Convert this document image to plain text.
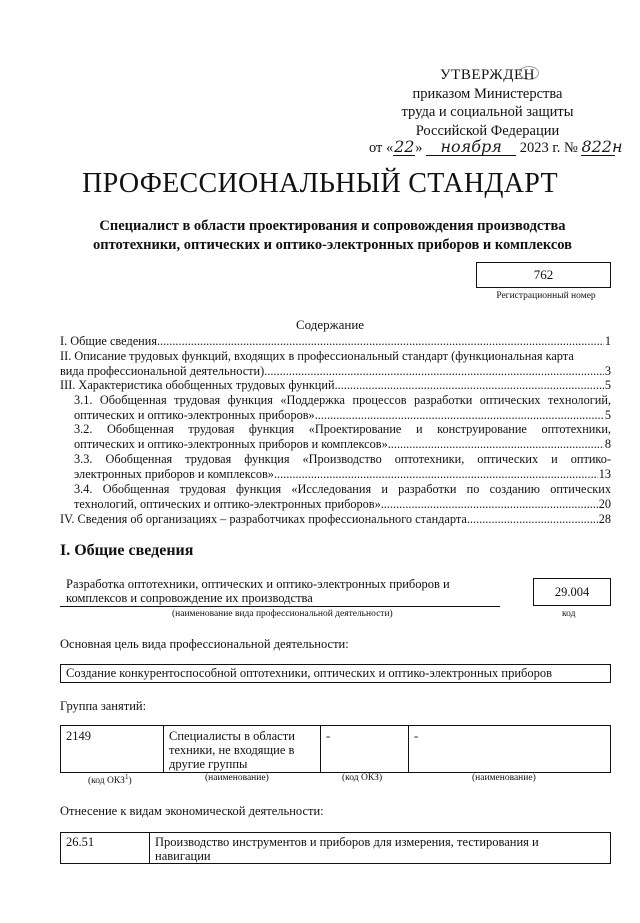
УТВЕРЖДЕН
приказом Министерства
труда и социальной защиты
Российской Федерации
от «22» ноября 2023 г. № 822н
ПРОФЕССИОНАЛЬНЫЙ СТАНДАРТ
Специалист в области проектирования и сопровождения производства
оптотехники, оптических и оптико-электронных приборов и комплексов
762
Регистрационный номер
Содержание
I. Общие сведения .....	1
II. Описание трудовых функций, входящих в профессиональный стандарт (функциональная карта
вида профессиональной деятельности) .....	3
III. Характеристика обобщенных трудовых функций .....	5
3.1. Обобщенная трудовая функция «Поддержка процессов разработки оптических технологий,
оптических и оптико-электронных приборов» .....	5
3.2. Обобщенная трудовая функция «Проектирование и конструирование оптотехники,
оптических и оптико-электронных приборов и комплексов» .....	8
3.3. Обобщенная трудовая функция «Производство оптотехники, оптических и оптико-
электронных приборов и комплексов» .....	13
3.4. Обобщенная трудовая функция «Исследования и разработки по созданию оптических
технологий, оптических и оптико-электронных приборов» .....	20
IV. Сведения об организациях – разработчиках профессионального стандарта .....	28
I. Общие сведения
Разработка оптотехники, оптических и оптико-электронных приборов и
комплексов и сопровождение их производства
(наименование вида профессиональной деятельности)
29.004
код
Основная цель вида профессиональной деятельности:
Создание конкурентоспособной оптотехники, оптических и оптико-электронных приборов
Группа занятий:
2149	Специалисты в области
техники, не входящие в
другие группы
-	-
(код ОКЗ$^1$)	(наименование)	(код ОКЗ)	(наименование)
Отнесение к видам экономической деятельности:
26.51	Производство инструментов и приборов для измерения, тестирования и
навигации
